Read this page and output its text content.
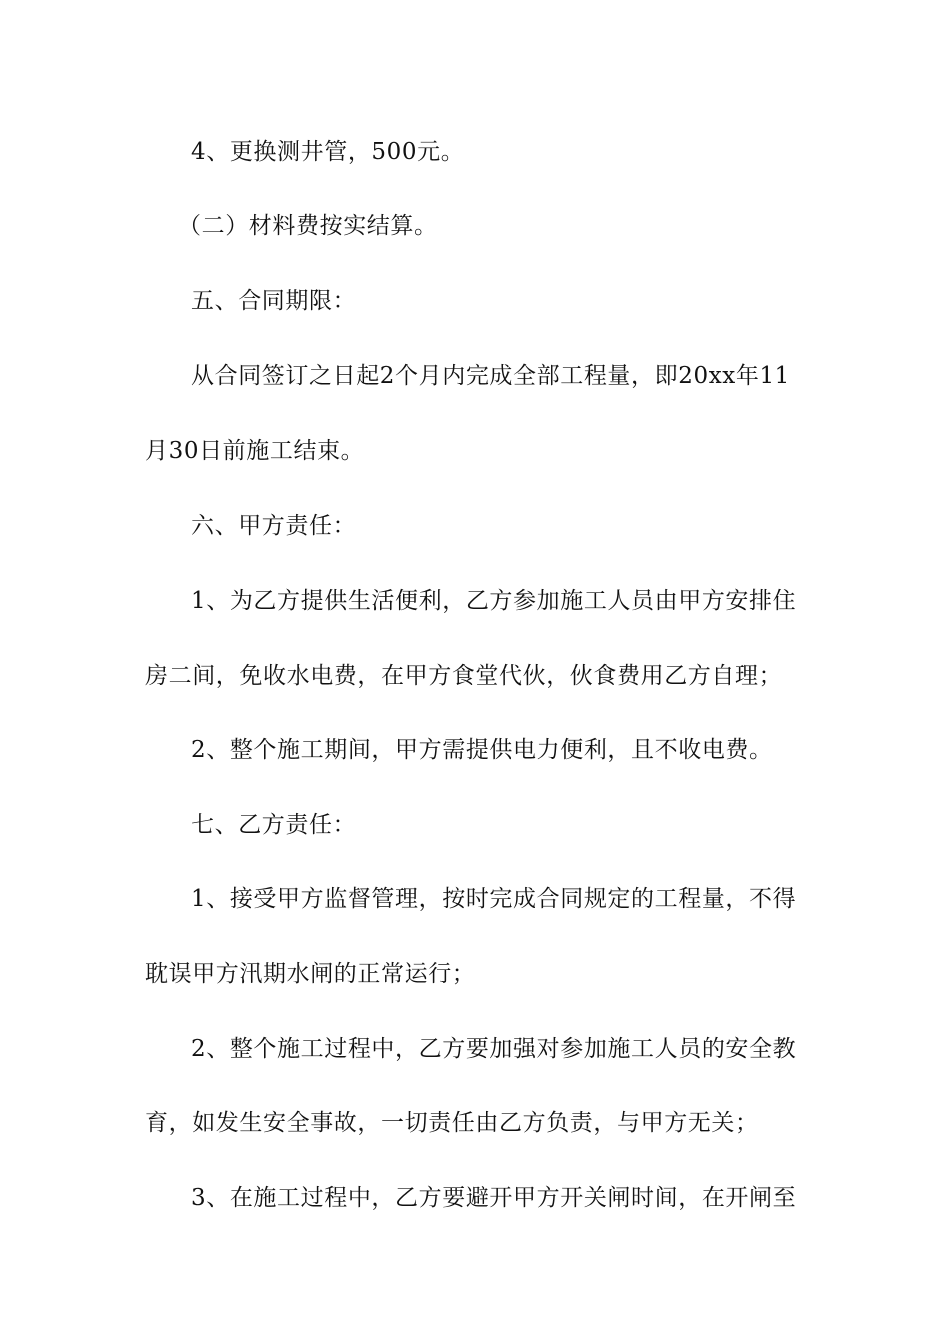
4、更换测井管，500元。
（二）材料费按实结算。
五、合同期限：
从合同签订之日起2个月内完成全部工程量，即20xx年11
月30日前施工结束。
六、甲方责任：
1、为乙方提供生活便利，乙方参加施工人员由甲方安排住
房二间，免收水电费，在甲方食堂代伙，伙食费用乙方自理；
2、整个施工期间，甲方需提供电力便利，且不收电费。
七、乙方责任：
1、接受甲方监督管理，按时完成合同规定的工程量，不得
耽误甲方汛期水闸的正常运行；
2、整个施工过程中，乙方要加强对参加施工人员的安全教
育，如发生安全事故，一切责任由乙方负责，与甲方无关；
3、在施工过程中，乙方要避开甲方开关闸时间，在开闸至
